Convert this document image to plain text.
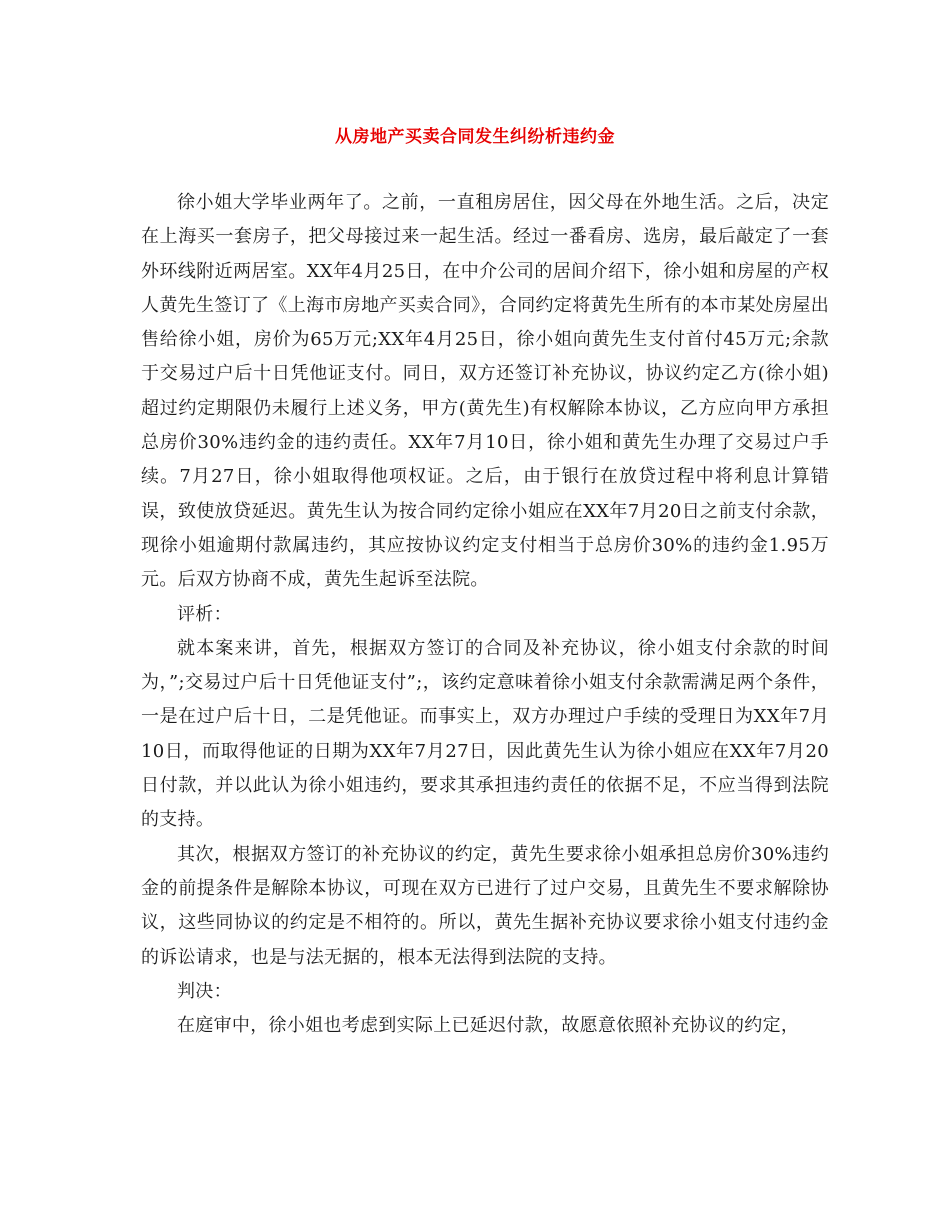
从房地产买卖合同发生纠纷析违约金

徐小姐大学毕业两年了。之前，一直租房居住，因父母在外地生活。之后，决定在上海买一套房子，把父母接过来一起生活。经过一番看房、选房，最后敲定了一套外环线附近两居室。XX年4月25日，在中介公司的居间介绍下，徐小姐和房屋的产权人黄先生签订了《上海市房地产买卖合同》，合同约定将黄先生所有的本市某处房屋出售给徐小姐，房价为65万元;XX年4月25日，徐小姐向黄先生支付首付45万元;余款于交易过户后十日凭他证支付。同日，双方还签订补充协议，协议约定乙方(徐小姐)超过约定期限仍未履行上述义务，甲方(黄先生)有权解除本协议，乙方应向甲方承担总房价30%违约金的违约责任。XX年7月10日，徐小姐和黄先生办理了交易过户手续。7月27日，徐小姐取得他项权证。之后，由于银行在放贷过程中将利息计算错误，致使放贷延迟。黄先生认为按合同约定徐小姐应在XX年7月20日之前支付余款，现徐小姐逾期付款属违约，其应按协议约定支付相当于总房价30%的违约金1.95万元。后双方协商不成，黄先生起诉至法院。

评析：

就本案来讲，首先，根据双方签订的合同及补充协议，徐小姐支付余款的时间为，”;交易过户后十日凭他证支付”;，该约定意味着徐小姐支付余款需满足两个条件，一是在过户后十日，二是凭他证。而事实上，双方办理过户手续的受理日为XX年7月10日，而取得他证的日期为XX年7月27日，因此黄先生认为徐小姐应在XX年7月20日付款，并以此认为徐小姐违约，要求其承担违约责任的依据不足，不应当得到法院的支持。

其次，根据双方签订的补充协议的约定，黄先生要求徐小姐承担总房价30%违约金的前提条件是解除本协议，可现在双方已进行了过户交易，且黄先生不要求解除协议，这些同协议的约定是不相符的。所以，黄先生据补充协议要求徐小姐支付违约金的诉讼请求，也是与法无据的，根本无法得到法院的支持。

判决：

在庭审中，徐小姐也考虑到实际上已延迟付款，故愿意依照补充协议的约定，
